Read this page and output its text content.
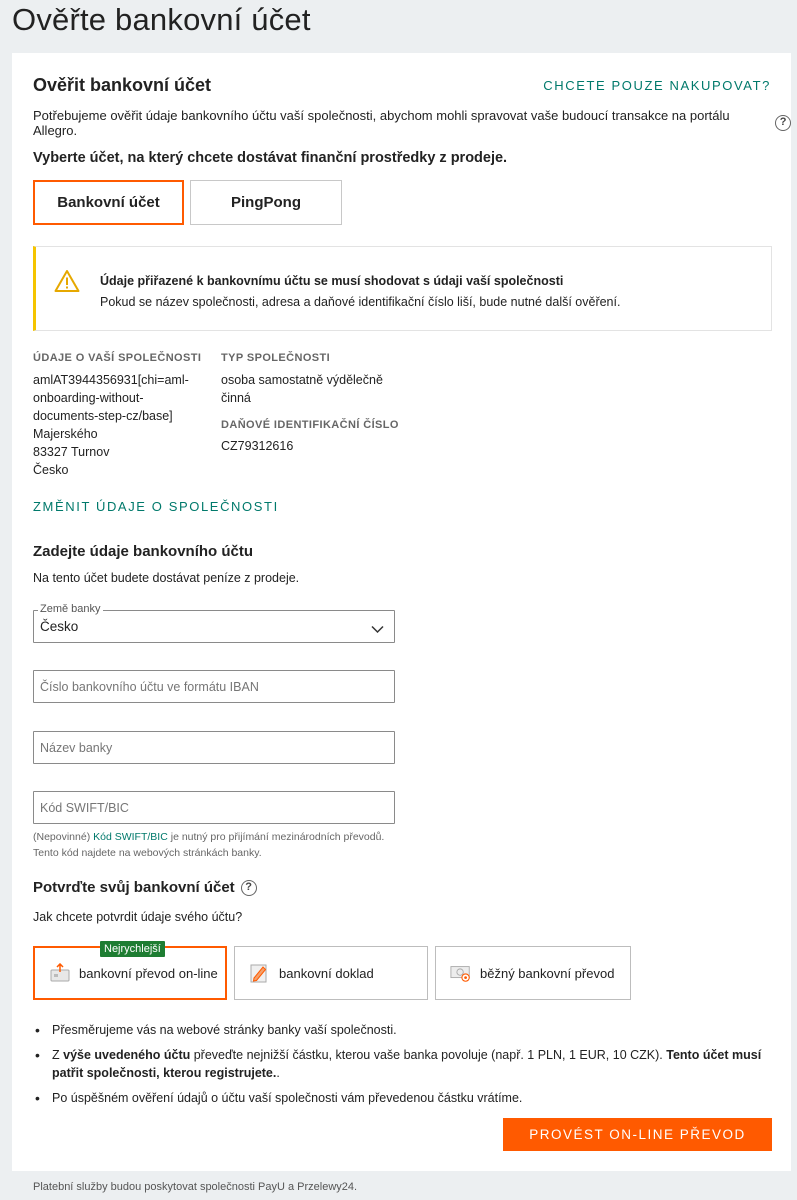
Ověřte bankovní účet
Ověřit bankovní účet	CHCETE POUZE NAKUPOVAT?
Potřebujeme ověřit údaje bankovního účtu vaší společnosti, abychom mohli spravovat vaše budoucí transakce na portálu Allegro.
?
Vyberte účet, na který chcete dostávat finanční prostředky z prodeje.
Bankovní účet	PingPong
Údaje přiřazené k bankovnímu účtu se musí shodovat s údaji vaší společnosti
Pokud se název společnosti, adresa a daňové identifikační číslo liší, bude nutné další ověření.
ÚDAJE O VAŠÍ SPOLEČNOSTI
amlAT3944356931[chi=aml-
onboarding-without-
documents-step-cz/base]
Majerského
83327 Turnov
Česko
TYP SPOLEČNOSTI
osoba samostatně výdělečně
činná
DAŇOVÉ IDENTIFIKAČNÍ ČÍSLO
CZ79312616
ZMĚNIT ÚDAJE O SPOLEČNOSTI
Zadejte údaje bankovního účtu
Na tento účet budete dostávat peníze z prodeje.
Země banky
Česko
Číslo bankovního účtu ve formátu IBAN
Název banky
Kód SWIFT/BIC
(Nepovinné) Kód SWIFT/BIC je nutný pro přijímání mezinárodních převodů.
Tento kód najdete na webových stránkách banky.
Potvrďte svůj bankovní účet ?
Jak chcete potvrdit údaje svého účtu?
bankovní převod on-line
Nejrychlejší
bankovní doklad	běžný bankovní převod
• Přesměrujeme vás na webové stránky banky vaší společnosti.
• Z výše uvedeného účtu převeďte nejnižší částku, kterou vaše banka povoluje (např. 1 PLN, 1 EUR, 10 CZK). Tento účet musí patřit společnosti, kterou registrujete..
• Po úspěšném ověření údajů o účtu vaší společnosti vám převedenou částku vrátíme.
PROVÉST ON-LINE PŘEVOD
Platební služby budou poskytovat společnosti PayU a Przelewy24.
